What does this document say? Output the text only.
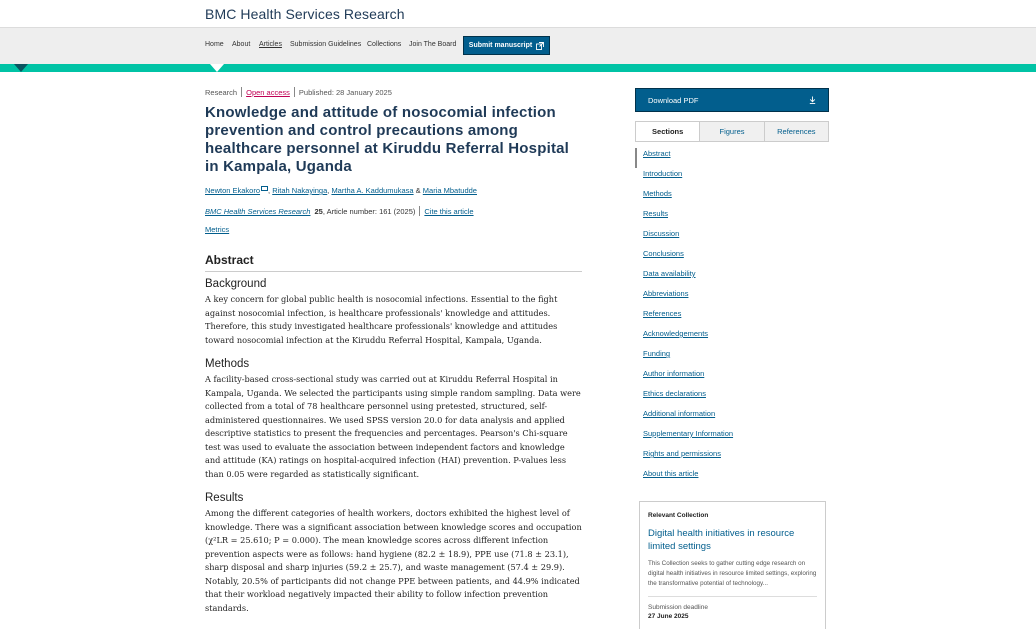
BMC Health Services Research
Home About Articles Submission Guidelines Collections Join The Board Submit manuscript
Research Open access Published: 28 January 2025
Knowledge and attitude of nosocomial infection prevention and control precautions among healthcare personnel at Kiruddu Referral Hospital in Kampala, Uganda
Newton Ekakoro , Ritah Nakayinga, Martha A. Kaddumukasa & Maria Mbatudde
BMC Health Services Research 25 , Article number: 161 (2025) Cite this article
Metrics
Abstract
Background

A key concern for global public health is nosocomial infections. Essential to the fight against nosocomial infection, is healthcare professionals' knowledge and attitudes. Therefore, this study investigated healthcare professionals' knowledge and attitudes toward nosocomial infection at the Kiruddu Referral Hospital, Kampala, Uganda.

Methods

A facility-based cross-sectional study was carried out at Kiruddu Referral Hospital in Kampala, Uganda. We selected the participants using simple random sampling. Data were collected from a total of 78 healthcare personnel using pretested, structured, self-administered questionnaires. We used SPSS version 20.0 for data analysis and applied descriptive statistics to present the frequencies and percentages. Pearson's Chi-square test was used to evaluate the association between independent factors and knowledge and attitude (KA) ratings on hospital-acquired infection (HAI) prevention. P-values less than 0.05 were regarded as statistically significant.

Results

Among the different categories of health workers, doctors exhibited the highest level of knowledge. There was a significant association between knowledge scores and occupation (χ²LR = 25.610; P = 0.000). The mean knowledge scores across different infection prevention aspects were as follows: hand hygiene (82.2 ± 18.9), PPE use (71.8 ± 23.1), sharp disposal and sharp injuries (59.2 ± 25.7), and waste management (57.4 ± 29.9). Notably, 20.5% of participants did not change PPE between patients, and 44.9% indicated that their workload negatively impacted their ability to follow infection prevention standards.

Download PDF
Sections	Figures	References
Abstract
Introduction
Methods
Results
Discussion
Conclusions
Data availability
Abbreviations
References
Acknowledgements
Funding
Author information
Ethics declarations
Additional information
Supplementary Information
Rights and permissions
About this article
Relevant Collection
Digital health initiatives in resource limited settings
This Collection seeks to gather cutting edge research on digital health initiatives in resource limited settings, exploring the transformative potential of technology...
Submission deadline
27 June 2025
